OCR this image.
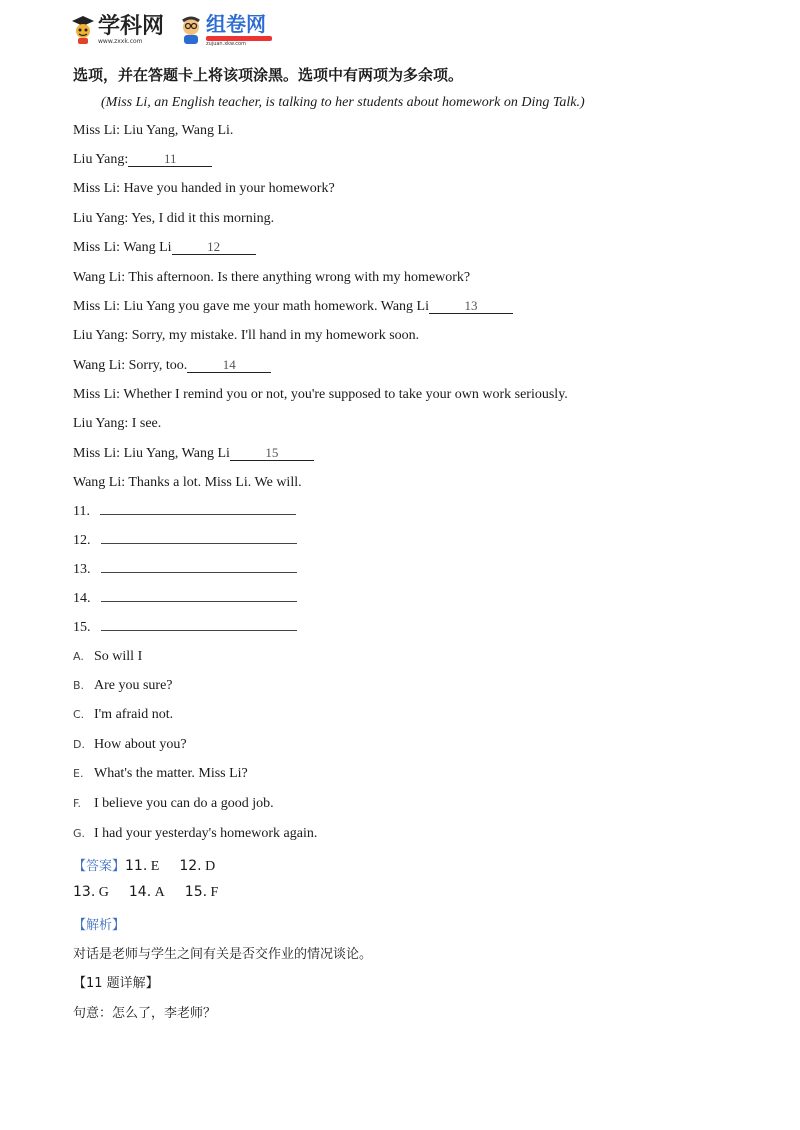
学科网
www.zxxk.com
组卷网
zujuan.xkw.com
选项，并在答题卡上将该项涂黑。选项中有两项为多余项。
(Miss Li, an English teacher, is talking to her students about homework on Ding Talk.)
Miss Li: Liu Yang, Wang Li.
Liu Yang:	11
Miss Li: Have you handed in your homework?
Liu Yang: Yes, I did it this morning.
Miss Li: Wang Li	12
Wang Li: This afternoon. Is there anything wrong with my homework?
Miss Li: Liu Yang you gave me your math homework. Wang Li	13
Liu Yang: Sorry, my mistake. I'll hand in my homework soon.
Wang Li: Sorry, too.	14
Miss Li: Whether I remind you or not, you're supposed to take your own work seriously.
Liu Yang: I see.
Miss Li: Liu Yang, Wang Li	15
Wang Li: Thanks a lot. Miss Li. We will.
11.
12.
13.
14.
15.
A. So will I
B. Are you sure?
C. I'm afraid not.
D. How about you?
E. What's the matter. Miss Li?
F. I believe you can do a good job.
G. I had your yesterday's homework again.
【答案】11. E 12. D
13. G 14. A 15. F
【解析】
对话是老师与学生之间有关是否交作业的情况谈论。
【11 题详解】
句意：怎么了，李老师？
